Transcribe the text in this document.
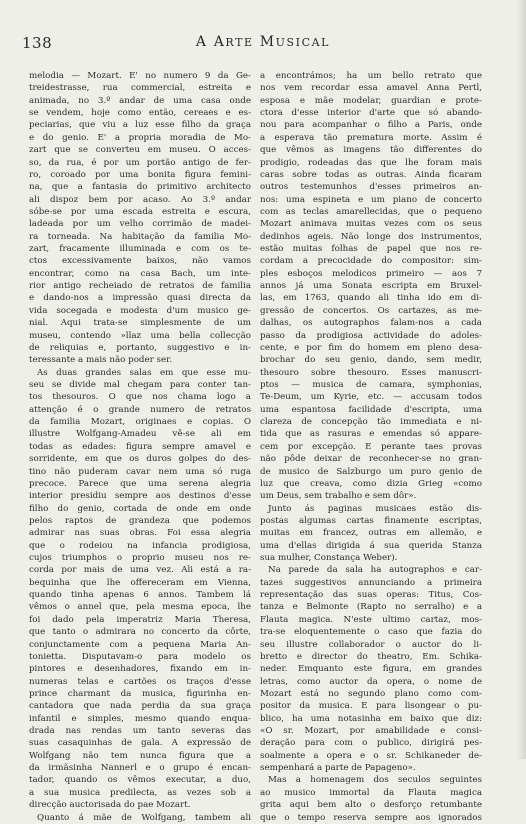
138	A ARTE MUSICAL
melodia — Mozart. E' no numero 9 da Ge-
treidestrasse, rua commercial, estreita e
animada, no 3.º andar de uma casa onde
se vendem, hoje como então, cereaes e es-
peciarias, que viu a luz esse filho da graça
e do genio. E' a propria moradia de Mo-
zart que se converteu em museu. O acces-
so, da rua, é por um portão antigo de fer-
ro, coroado por uma bonita figura femini-
na, que a fantasia do primitivo architecto
ali dispoz bem por acaso. Ao 3.º andar
sóbe-se por uma escada estreita e escura,
ladeada por um velho corrimão de madei-
ra torneada. Na habitação da familia Mo-
zart, fracamente illuminada e com os te-
ctos excessivamente baixos, não vamos
encontrar, como na casa Bach, um inte-
rior antigo recheiado de retratos de familia
e dando-nos a impressão quasi directa da
vida socegada e modesta d'um musico ge-
nial. Aqui trata-se simplesmente de um
museu, contendo »llaz uma bella collecção
de reliquias e, portanto, suggestivo e in-
teressante a mais não poder ser.
As duas grandes salas em que esse mu-
seu se divide mal chegam para conter tan-
tos thesouros. O que nos chama logo a
attenção é o grande numero de retratos
da familia Mozart, originaes e copias. O
illustre Wolfgang-Amadeu vê-se ali em
todas as edades: figura sempre amavel e
sorridente, em que os duros golpes do des-
tino não puderam cavar nem uma só ruga
precoce. Parece que uma serena alegria
interior presidiu sempre aos destinos d'esse
filho do genio, cortada de onde em onde
pelos raptos de grandeza que podemos
admirar nas suas obras. Foi essa alegria
que o rodeiou na infancia prodigiosa,
cujos triumphos o proprio museu nos re-
corda por mais de uma vez. Ali está a ra-
bequinha que lhe offereceram em Vienna,
quando tinha apenas 6 annos. Tambem lá
vêmos o annel que, pela mesma epoca, lhe
foi dado pela imperatriz Maria Theresa,
que tanto o admirara no concerto da côrte,
conjunctamente com a pequena Maria An-
tonietta. Disputavam-o para modelo os
pintores e desenhadores, fixando em in-
numeras telas e cartões os traços d'esse
prince charmant da musica, figurinha en-
cantadora que nada perdia da sua graça
infantil e simples, mesmo quando enqua-
drada nas rendas um tanto severas das
suas casaquinhas de gala. A expressão de
Wolfgang não tem nunca figura que a
da irmãsinha Nannerl e o grupo é encan-
tador, quando os vêmos executar, a duo,
a sua musica predilecta, as vezes sob a
direcção auctorisada do pae Mozart.
Quanto á mãe de Wolfgang, tambem ali
a encontrámos; ha um bello retrato que
nos vem recordar essa amavel Anna Pertl,
esposa e mãe modelar, guardian e prote-
ctora d'esse interior d'arte que só abando-
nou para acompanhar o filho a Paris, onde
a esperava tão prematura morte. Assim é
que vêmos as imagens tão differentes do
prodigio, rodeadas das que lhe foram mais
caras sobre todas as outras. Ainda ficaram
outros testemunhos d'esses primeiros an-
nos: uma espineta e um piano de concerto
com as teclas amarellecidas, que o pequeno
Mozart animava muitas vezes com os seus
dedinhos ageis. Não longe dos instrumentos,
estão muitas folhas de papel que nos re-
cordam a precocidade do compositor: sim-
ples esboços melodicos primeiro — aos 7
annos já uma Sonata escripta em Bruxel-
las, em 1763, quando ali tinha ido em di-
gressão de concertos. Os cartazes, as me-
dalhas, os autographos falam-nos a cada
passo da prodigiosa actividade do adoles-
cente, e por fim do homem em pleno desa-
brochar do seu genio, dando, sem medir,
thesouro sobre thesouro. Esses manuscri-
ptos — musica de camara, symphonias,
Te-Deum, um Kyrie, etc. — accusam todos
uma espantosa facilidade d'escripta, uma
clareza de concepção tão immediata e ni-
tida que as rasuras e emendas só appare-
cem por excepção. E perante taes provas
não pôde deixar de reconhecer-se no gran-
de musico de Salzburgo um puro genio de
luz que creava, como dizia Grieg «como
um Deus, sem trabalho e sem dôr».
Junto ás paginas musicaes estão dis-
postas algumas cartas finamente escriptas,
muitas em francez, outras em allemão, e
uma d'ellas dirigida á sua querida Stanza
sua mulher, Constança Weber).
Na parede da sala ha autographos e car-
tazes suggestivos annunciando a primeira
representação das suas operas: Titus, Cos-
tanza e Belmonte (Rapto no serralho) e a
Flauta magica. N'este ultimo cartaz, mos-
tra-se eloquentemente o caso que fazia do
seu illustre collaborador o auctor do li-
bretto e director do theatro, Em. Schika-
neder. Emquanto este figura, em grandes
letras, como auctor da opera, o nome de
Mozart está no segundo plano como com-
positor da musica. E para lisongear o pu-
blico, ha uma notasinha em baixo que diz:
«O sr. Mozart, por amabilidade e consi-
deração para com o publico, dirigirá pes-
soalmente a opera e o sr. Schikaneder de-
sempenhará a parte de Papageno».
Mas a homenagem dos seculos seguintes
ao musico immortal da Flauta magica
grita aqui bem alto o desforço retumbante
que o tempo reserva sempre aos ignorados
